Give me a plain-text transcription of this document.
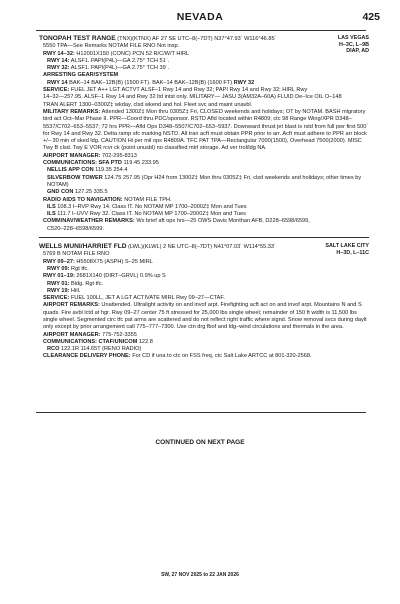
NEVADA	425
LAS VEGAS
H–3C, L–9B
DIAP, AD
TONOPAH TEST RANGE (TNX)(KTNX) AF 27 SE UTC–8(–7DT) N37°47.93´ W116°46.85´
5550 TPA—See Remarks NOTAM FILE RNO Not insp.
RWY 14–32: H12001X150 (CONC) PCN 52 R/C/W/T HIRL
RWY 14: ALSF1. PAPI(P4L)—GA 2.75° TCH 51´.
RWY 32: ALSF1. PAPI(P4L)—GA 2.75° TCH 39´.
ARRESTING GEAR/SYSTEM
RWY 14 BAK–14 BAK–12B(B) (1500 FT). BAK–14 BAK–12B(B) (1600 FT) RWY 32
SERVICE: FUEL JET A++ LGT ACTVT ALSF–1 Rwy 14 and Rwy 32; PAPI Rwy 14 and Rwy 32; HIRL Rwy
14–32—257.95. ALSF–1 Rwy 14 and Rwy 32 ltd intst only. MILITARY— JASU 3(AM32A–60A) FLUID De–Ice OIL O–148
TRAN ALERT 1300–0300Z‡ wkday, clsd wkend and hol. Fleet svc and maint unavbl.
MILITARY REMARKS: Attended 1300Z‡ Mon thru 0305Z‡ Fri, CLOSED weekends and holidays; OT by NOTAM. BASH migratory bird act Oct–Mar Phase II. PPR—Coord thru PDC/sponsor. RSTD Afld located within R4809; ctc 98 Range Wing/XPR D348–5537/C702–653–5537; 72 hrs PPR—Afld Ops D348–5507/C702–653–5937. Downward thrust jet blast is rstd from full pwr first 500´ for Rwy 14 and Rwy 32. Delta ramp sfc marking NSTD. All tran acft must obtain PPR prior to arr. Acft must adhere to PPR arr block +/– 30 min of sked ldg. CAUTION Hi per mil ops R4809A. TFC PAT TPA—Rectangular 7000(1500), Overhead 7500(2000). MISC Twy B clsd. Twy E VOR rcvr ck (point unusbl) no classified mtrl storage. Ad ver trol/ldg NA.
AIRPORT MANAGER: 702-295-8313
COMMUNICATIONS: SFA PTD 119.45 233.95
NELLIS APP CON 119.35 254.4
SILVERBOW TOWER 124.75 257.95 (Opr H24 from 1300Z‡ Mon thru 0305Z‡ Fri, clsd weekends and holidays; other times by NOTAM)
GND CON 127.25 335.5
RADIO AIDS TO NAVIGATION: NOTAM FILE TPH.
ILS 108.3 I–RVP Rwy 14. Class IT. No NOTAM MP 1700–2000Z‡ Mon and Tues
ILS 111.7 I–UVV Rwy 32. Class IT. No NOTAM MP 1700–2000Z‡ Mon and Tues
COMM/NAV/WEATHER REMARKS: Wx brief aft ops hrs—25 OWS Davis Monthan AFB, D228–6598/6599,
C520–228–6598/6599.
SALT LAKE CITY
H–3D, L–11C
WELLS MUNI/HARRIET FLD (LWL)(KLWL) 2 NE UTC–8(–7DT) N41°07.03´ W114°55.33´
5769 B NOTAM FILE RNO
RWY 09–27: H5508X75 (ASPH) S–25 MIRL
RWY 09: Rgt tfc.
RWY 01–19: 2681X140 (DIRT–GRVL) 0.9% up S
RWY 01: Bldg. Rgt tfc.
RWY 19: Hill.
SERVICE: FUEL 100LL, JET A LGT ACTIVATE MIRL Rwy 09–27—CTAF.
AIRPORT REMARKS: Unattended. Ultralight activity on and invof arpt. Firefighting acft act on and invof arpt. Mountains N and S quads. Fire avbl lctd at hgr. Rwy 09–27 center 75 ft stressed for 25,000 lbs single wheel; remainder of 150 ft width is 11,500 lbs single wheel. Segmented circ tfc pat arms are scattered and do not reflect right traffic where signd. Snow removal svcs during daylt only except by prior arrangement call 775–777–7300. Use ctn drg fbof and ldg–wind circulations and thermals in the area.
AIRPORT MANAGER: 775-752-3355
COMMUNICATIONS: CTAF/UNICOM 122.8
RCO 122.1R 114.65T (RENO RADIO)
CLEARANCE DELIVERY PHONE: For CD if una to ctc on FSS freq, ctc Salt Lake ARTCC at 801-320-2568.
CONTINUED ON NEXT PAGE
SW, 27 NOV 2025 to 22 JAN 2026
